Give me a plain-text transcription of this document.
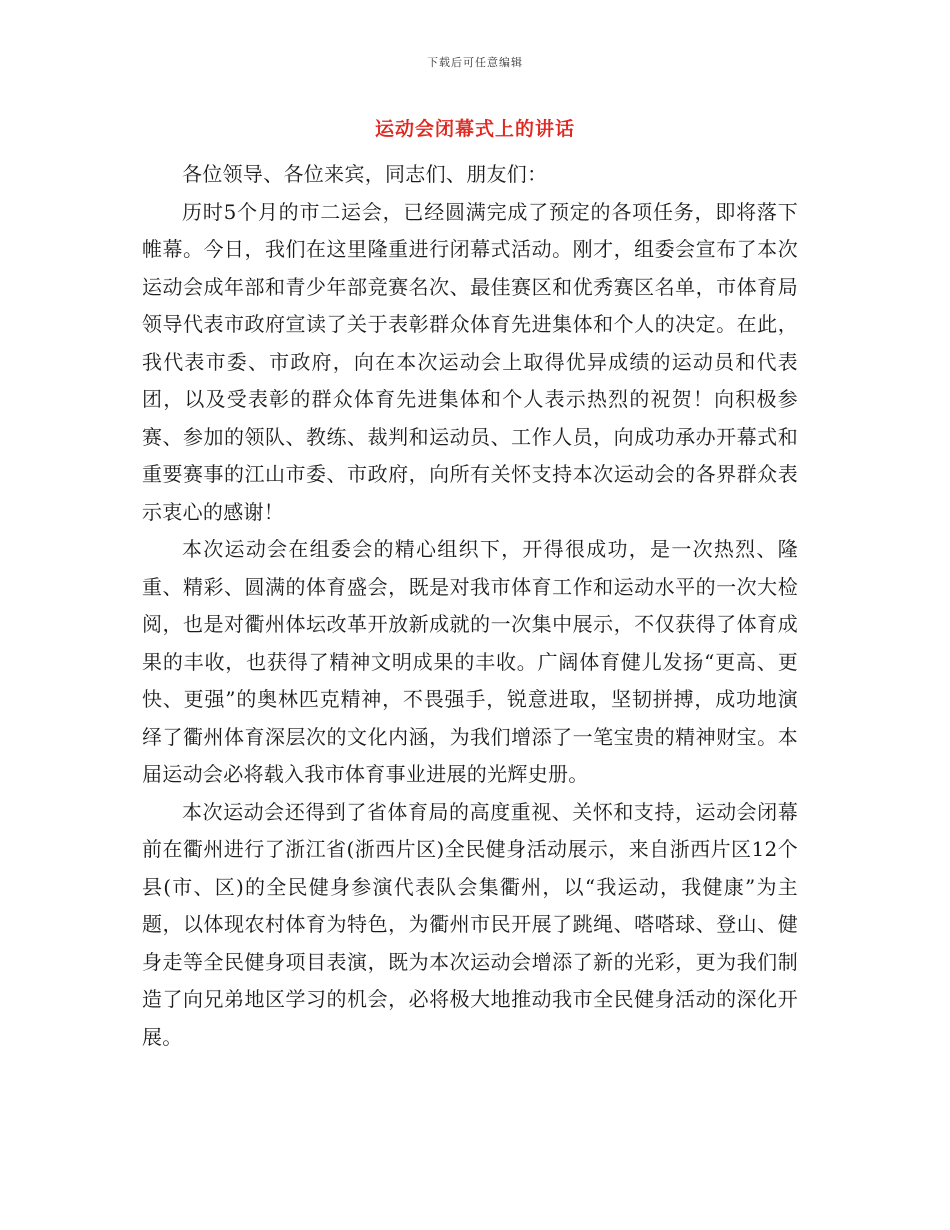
下载后可任意编辑
运动会闭幕式上的讲话

各位领导、各位来宾，同志们、朋友们：

历时5个月的市二运会，已经圆满完成了预定的各项任务，即将落下帷幕。今日，我们在这里隆重进行闭幕式活动。刚才，组委会宣布了本次运动会成年部和青少年部竞赛名次、最佳赛区和优秀赛区名单，市体育局领导代表市政府宣读了关于表彰群众体育先进集体和个人的决定。在此，我代表市委、市政府，向在本次运动会上取得优异成绩的运动员和代表团，以及受表彰的群众体育先进集体和个人表示热烈的祝贺！向积极参赛、参加的领队、教练、裁判和运动员、工作人员，向成功承办开幕式和重要赛事的江山市委、市政府，向所有关怀支持本次运动会的各界群众表示衷心的感谢！

本次运动会在组委会的精心组织下，开得很成功，是一次热烈、隆重、精彩、圆满的体育盛会，既是对我市体育工作和运动水平的一次大检阅，也是对衢州体坛改革开放新成就的一次集中展示，不仅获得了体育成果的丰收，也获得了精神文明成果的丰收。广阔体育健儿发扬“更高、更快、更强”的奥林匹克精神，不畏强手，锐意进取，坚韧拼搏，成功地演绎了衢州体育深层次的文化内涵，为我们增添了一笔宝贵的精神财宝。本届运动会必将载入我市体育事业进展的光辉史册。

本次运动会还得到了省体育局的高度重视、关怀和支持，运动会闭幕前在衢州进行了浙江省(浙西片区)全民健身活动展示，来自浙西片区12个县(市、区)的全民健身参演代表队会集衢州，以“我运动，我健康”为主题，以体现农村体育为特色，为衢州市民开展了跳绳、嗒嗒球、登山、健身走等全民健身项目表演，既为本次运动会增添了新的光彩，更为我们制造了向兄弟地区学习的机会，必将极大地推动我市全民健身活动的深化开展。
